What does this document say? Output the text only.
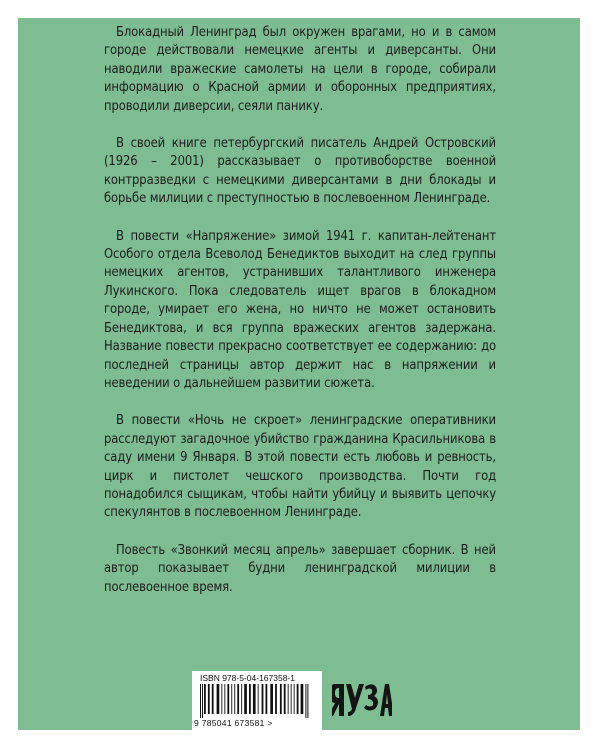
Блокадный Ленинград был окружен врагами, но и в самом городе действовали немецкие агенты и диверсанты. Они наводили вражеские самолеты на цели в городе, собирали информацию о Красной армии и оборонных предприятиях, проводили диверсии, сеяли панику.

В своей книге петербургский писатель Андрей Островский (1926 – 2001) рассказывает о противоборстве военной контрразведки с немецкими диверсантами в дни блокады и борьбе милиции с преступностью в послевоенном Ленинграде.

В повести «Напряжение» зимой 1941 г. капитан-лейтенант Особого отдела Всеволод Бенедиктов выходит на след группы немецких агентов, устранивших талантливого инженера Лукинского. Пока следователь ищет врагов в блокадном городе, умирает его жена, но ничто не может остановить Бенедиктова, и вся группа вражеских агентов задержана. Название повести прекрасно соответствует ее содержанию: до последней страницы автор держит нас в напряжении и неведении о дальнейшем развитии сюжета.

В повести «Ночь не скроет» ленинградские оперативники расследуют загадочное убийство гражданина Красильникова в саду имени 9 Января. В этой повести есть любовь и ревность, цирк и пистолет чешского производства. Почти год понадобился сыщикам, чтобы найти убийцу и выявить цепочку спекулянтов в послевоенном Ленинграде.

Повесть «Звонкий месяц апрель» завершает сборник. В ней автор показывает будни ленинградской милиции в послевоенное время.

ISBN 978-5-04-167358-1
9 785041 673581 >
